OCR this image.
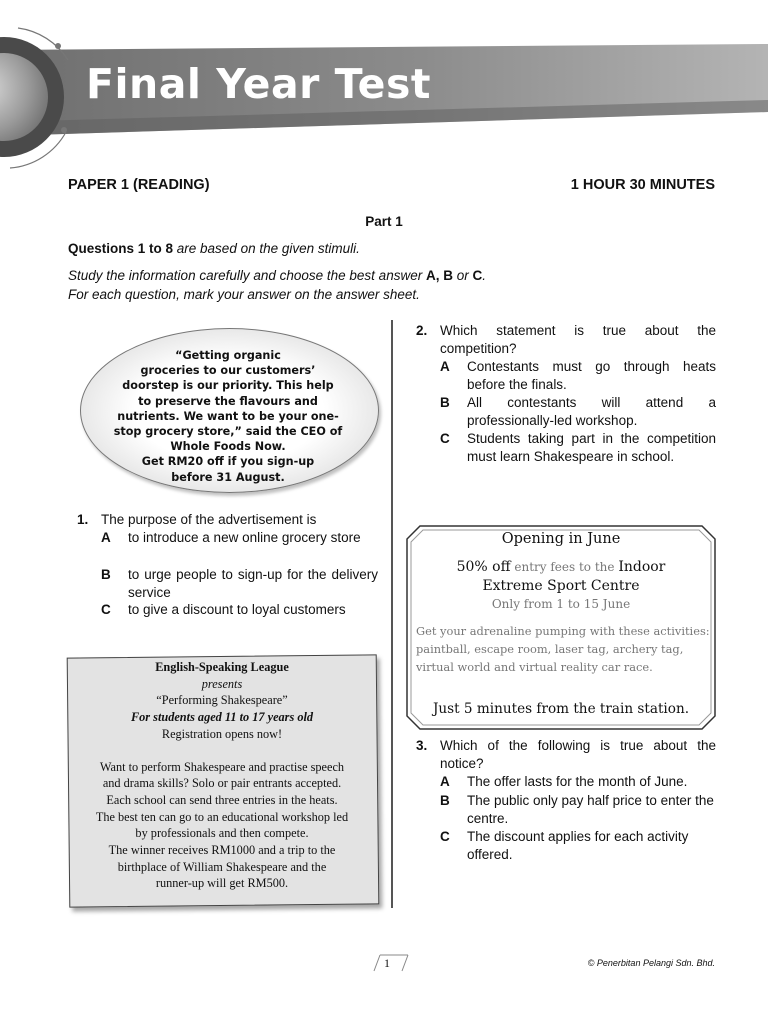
Final Year Test
PAPER 1 (READING)	1 HOUR 30 MINUTES
Part 1
Questions 1 to 8 are based on the given stimuli.
Study the information carefully and choose the best answer A, B or C.
For each question, mark your answer on the answer sheet.
“Getting organic
groceries to our customers’
doorstep is our priority. This help
to preserve the flavours and
nutrients. We want to be your one-
stop grocery store,” said the CEO of
Whole Foods Now.
Get RM20 off if you sign-up
before 31 August.
1. The purpose of the advertisement is
A to introduce a new online grocery store
B to urge people to sign-up for the delivery service
C to give a discount to loyal customers
English-Speaking League
presents
“Performing Shakespeare”
For students aged 11 to 17 years old
Registration opens now!
Want to perform Shakespeare and practise speech
and drama skills? Solo or pair entrants accepted.
Each school can send three entries in the heats.
The best ten can go to an educational workshop led
by professionals and then compete.
The winner receives RM1000 and a trip to the
birthplace of William Shakespeare and the
runner-up will get RM500.
2. Which statement is true about the competition?
A Contestants must go through heats before the finals.
B All contestants will attend a professionally-led workshop.
C Students taking part in the competition must learn Shakespeare in school.
Opening in June
50% off entry fees to the Indoor
Extreme Sport Centre
Only from 1 to 15 June
Get your adrenaline pumping with these activities: paintball, escape room, laser tag, archery tag, virtual world and virtual reality car race.
Just 5 minutes from the train station.
3. Which of the following is true about the notice?
A The offer lasts for the month of June.
B The public only pay half price to enter the centre.
C The discount applies for each activity offered.
1	© Penerbitan Pelangi Sdn. Bhd.
